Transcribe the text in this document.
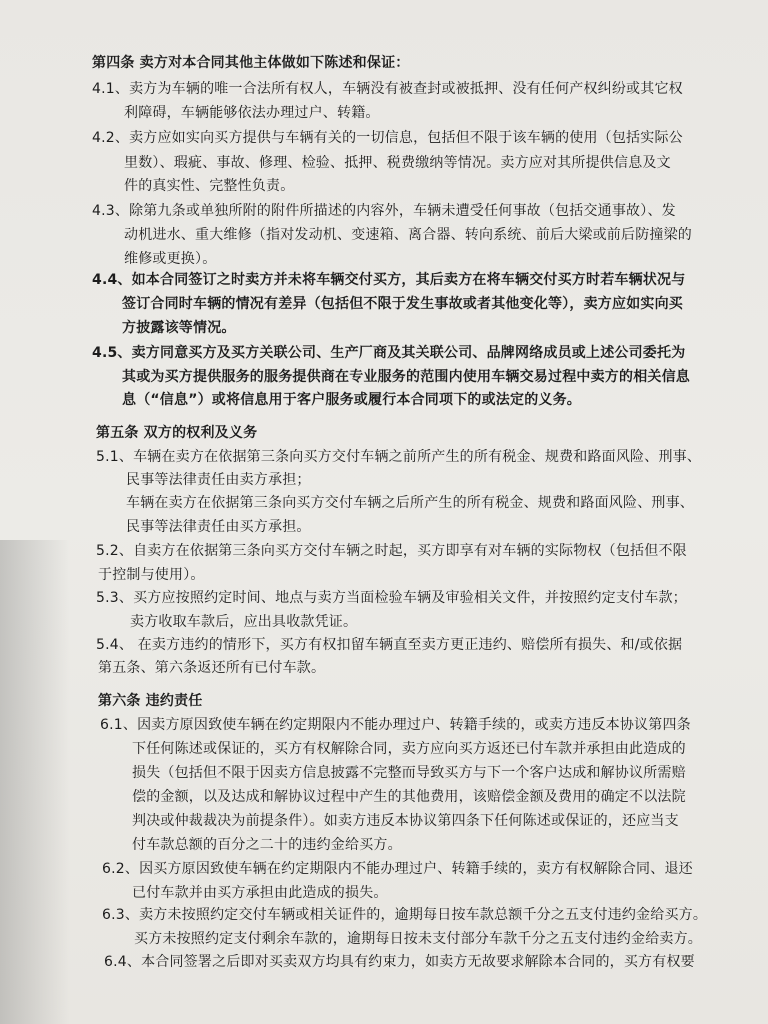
第四条 卖方对本合同其他主体做如下陈述和保证：
4.1、卖方为车辆的唯一合法所有权人，车辆没有被查封或被抵押、没有任何产权纠纷或其它权
利障碍，车辆能够依法办理过户、转籍。
4.2、卖方应如实向买方提供与车辆有关的一切信息，包括但不限于该车辆的使用（包括实际公
里数）、瑕疵、事故、修理、检验、抵押、税费缴纳等情况。卖方应对其所提供信息及文
件的真实性、完整性负责。
4.3、除第九条或单独所附的附件所描述的内容外，车辆未遭受任何事故（包括交通事故）、发
动机进水、重大维修（指对发动机、变速箱、离合器、转向系统、前后大梁或前后防撞梁的
维修或更换）。
4.4、如本合同签订之时卖方并未将车辆交付买方，其后卖方在将车辆交付买方时若车辆状况与
签订合同时车辆的情况有差异（包括但不限于发生事故或者其他变化等），卖方应如实向买
方披露该等情况。
4.5、卖方同意买方及买方关联公司、生产厂商及其关联公司、品牌网络成员或上述公司委托为
其或为买方提供服务的服务提供商在专业服务的范围内使用车辆交易过程中卖方的相关信息
息（“信息”）或将信息用于客户服务或履行本合同项下的或法定的义务。
第五条 双方的权利及义务
5.1、车辆在卖方在依据第三条向买方交付车辆之前所产生的所有税金、规费和路面风险、刑事、
民事等法律责任由卖方承担；
车辆在卖方在依据第三条向买方交付车辆之后所产生的所有税金、规费和路面风险、刑事、
民事等法律责任由买方承担。
5.2、自卖方在依据第三条向买方交付车辆之时起，买方即享有对车辆的实际物权（包括但不限
于控制与使用）。
5.3、买方应按照约定时间、地点与卖方当面检验车辆及审验相关文件，并按照约定支付车款；
卖方收取车款后，应出具收款凭证。
5.4、 在卖方违约的情形下，买方有权扣留车辆直至卖方更正违约、赔偿所有损失、和/或依据
第五条、第六条返还所有已付车款。
第六条 违约责任
6.1、因卖方原因致使车辆在约定期限内不能办理过户、转籍手续的，或卖方违反本协议第四条
下任何陈述或保证的，买方有权解除合同，卖方应向买方返还已付车款并承担由此造成的
损失（包括但不限于因卖方信息披露不完整而导致买方与下一个客户达成和解协议所需赔
偿的金额，以及达成和解协议过程中产生的其他费用，该赔偿金额及费用的确定不以法院
判决或仲裁裁决为前提条件）。如卖方违反本协议第四条下任何陈述或保证的，还应当支
付车款总额的百分之二十的违约金给买方。
6.2、因买方原因致使车辆在约定期限内不能办理过户、转籍手续的，卖方有权解除合同、退还
已付车款并由买方承担由此造成的损失。
6.3、卖方未按照约定交付车辆或相关证件的，逾期每日按车款总额千分之五支付违约金给买方。
买方未按照约定支付剩余车款的，逾期每日按未支付部分车款千分之五支付违约金给卖方。
6.4、本合同签署之后即对买卖双方均具有约束力，如卖方无故要求解除本合同的，买方有权要
